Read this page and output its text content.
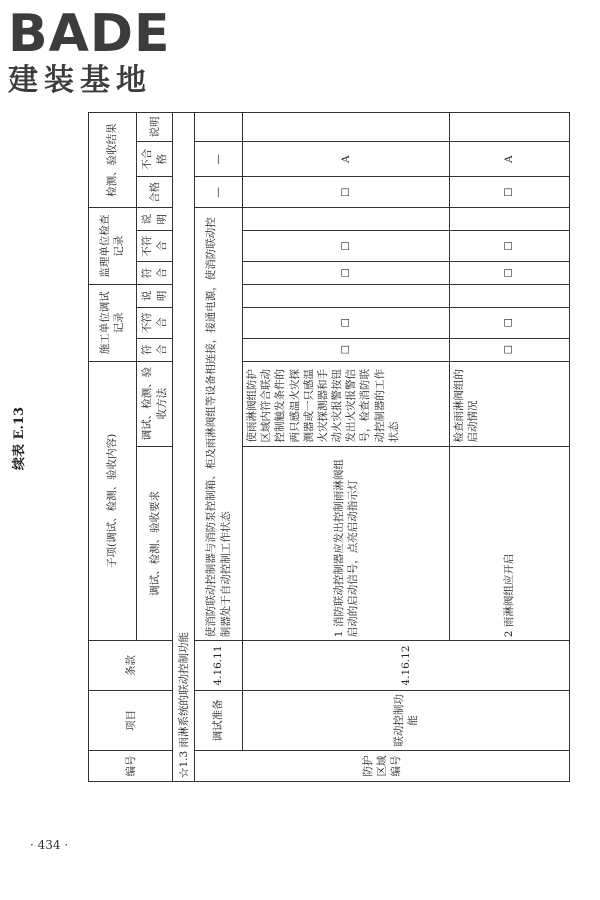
BADE
建装基地
· 434 ·
续表 E.13
编号	项目	条款	子项(调试、检测、验收内容)		施工单位调试记录			监理单位检查记录			检测、验收结果		
			调试、检测、验收要求	调试、检测、验收方法	符合	不符合	说明	符合	不符合	说明	合格	不合格	说明
☆1.3 雨淋系统的联动控制功能													
防护区域编号	调试准备	4.16.11	使消防联动控制器与消防泵控制箱、柜及雨淋阀组等设备相连接，接通电源，使消防联动控制器处于自动控制工作状态								—	—	
	联动控制功能	4.16.12	1 消防联动控制器应发出控制雨淋阀组启动的启动信号，点亮启动指示灯	使雨淋阀组防护区域内符合联动控制触发条件的两只感温火灾探测器或一只感温火灾探测器和手动火灾报警按钮发出火灾报警信号，检查消防联动控制器的工作状态	☐	☐		☐	☐		☐	A	
			2 雨淋阀组应开启	检查雨淋阀组的启动情况	☐	☐		☐	☐		☐	A	
